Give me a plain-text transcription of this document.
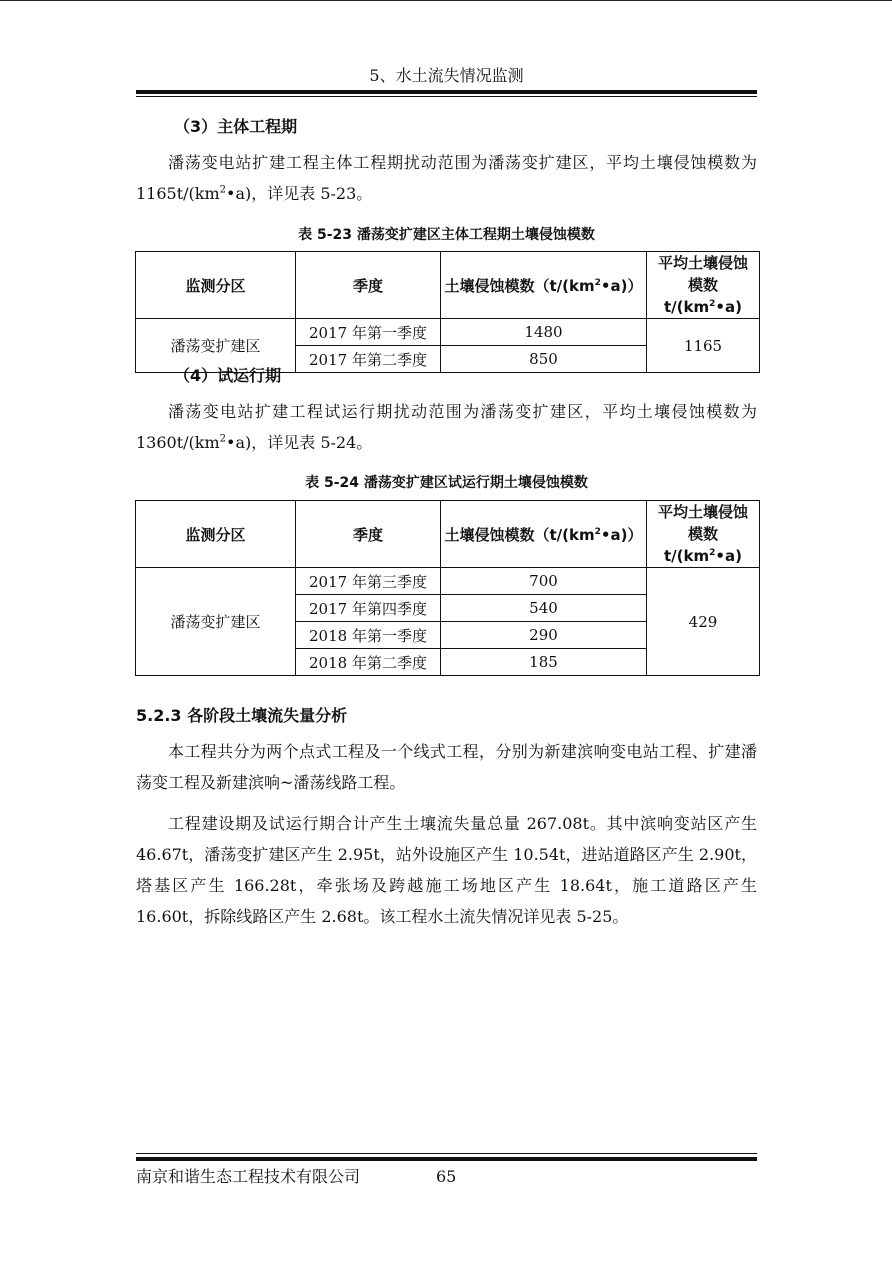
5、水土流失情况监测
（3）主体工程期

潘荡变电站扩建工程主体工程期扰动范围为潘荡变扩建区，平均土壤侵蚀模数为 $1165t/(km^2•a)$，详见表 5-23。

表 5-23 潘荡变扩建区主体工程期土壤侵蚀模数
监测分区	季度	土壤侵蚀模数$(t/(km^2•a))$	平均土壤侵蚀
模数 $t/(km^2•a)$
潘荡变扩建区	2017 年第一季度	1480	1165
	2017 年第二季度	850	
（4）试运行期

潘荡变电站扩建工程试运行期扰动范围为潘荡变扩建区，平均土壤侵蚀模数为 $1360t/(km^2•a)$，详见表 5-24。

表 5-24 潘荡变扩建区试运行期土壤侵蚀模数
监测分区	季度	土壤侵蚀模数$(t/(km^2•a))$	平均土壤侵蚀
模数 $t/(km^2•a)$
潘荡变扩建区	2017 年第三季度	700	429
	2017 年第四季度	540	
	2018 年第一季度	290	
	2018 年第二季度	185	
5.2.3 各阶段土壤流失量分析

本工程共分为两个点式工程及一个线式工程，分别为新建滨响变电站工程、扩建潘荡变工程及新建滨响~潘荡线路工程。

工程建设期及试运行期合计产生土壤流失量总量 267.08t。其中滨响变站区产生 46.67t，潘荡变扩建区产生 2.95t，站外设施区产生 10.54t，进站道路区产生 2.90t，塔基区产生 166.28t，牵张场及跨越施工场地区产生 18.64t，施工道路区产生 16.60t，拆除线路区产生 2.68t。该工程水土流失情况详见表 5-25。

南京和谐生态工程技术有限公司	65
